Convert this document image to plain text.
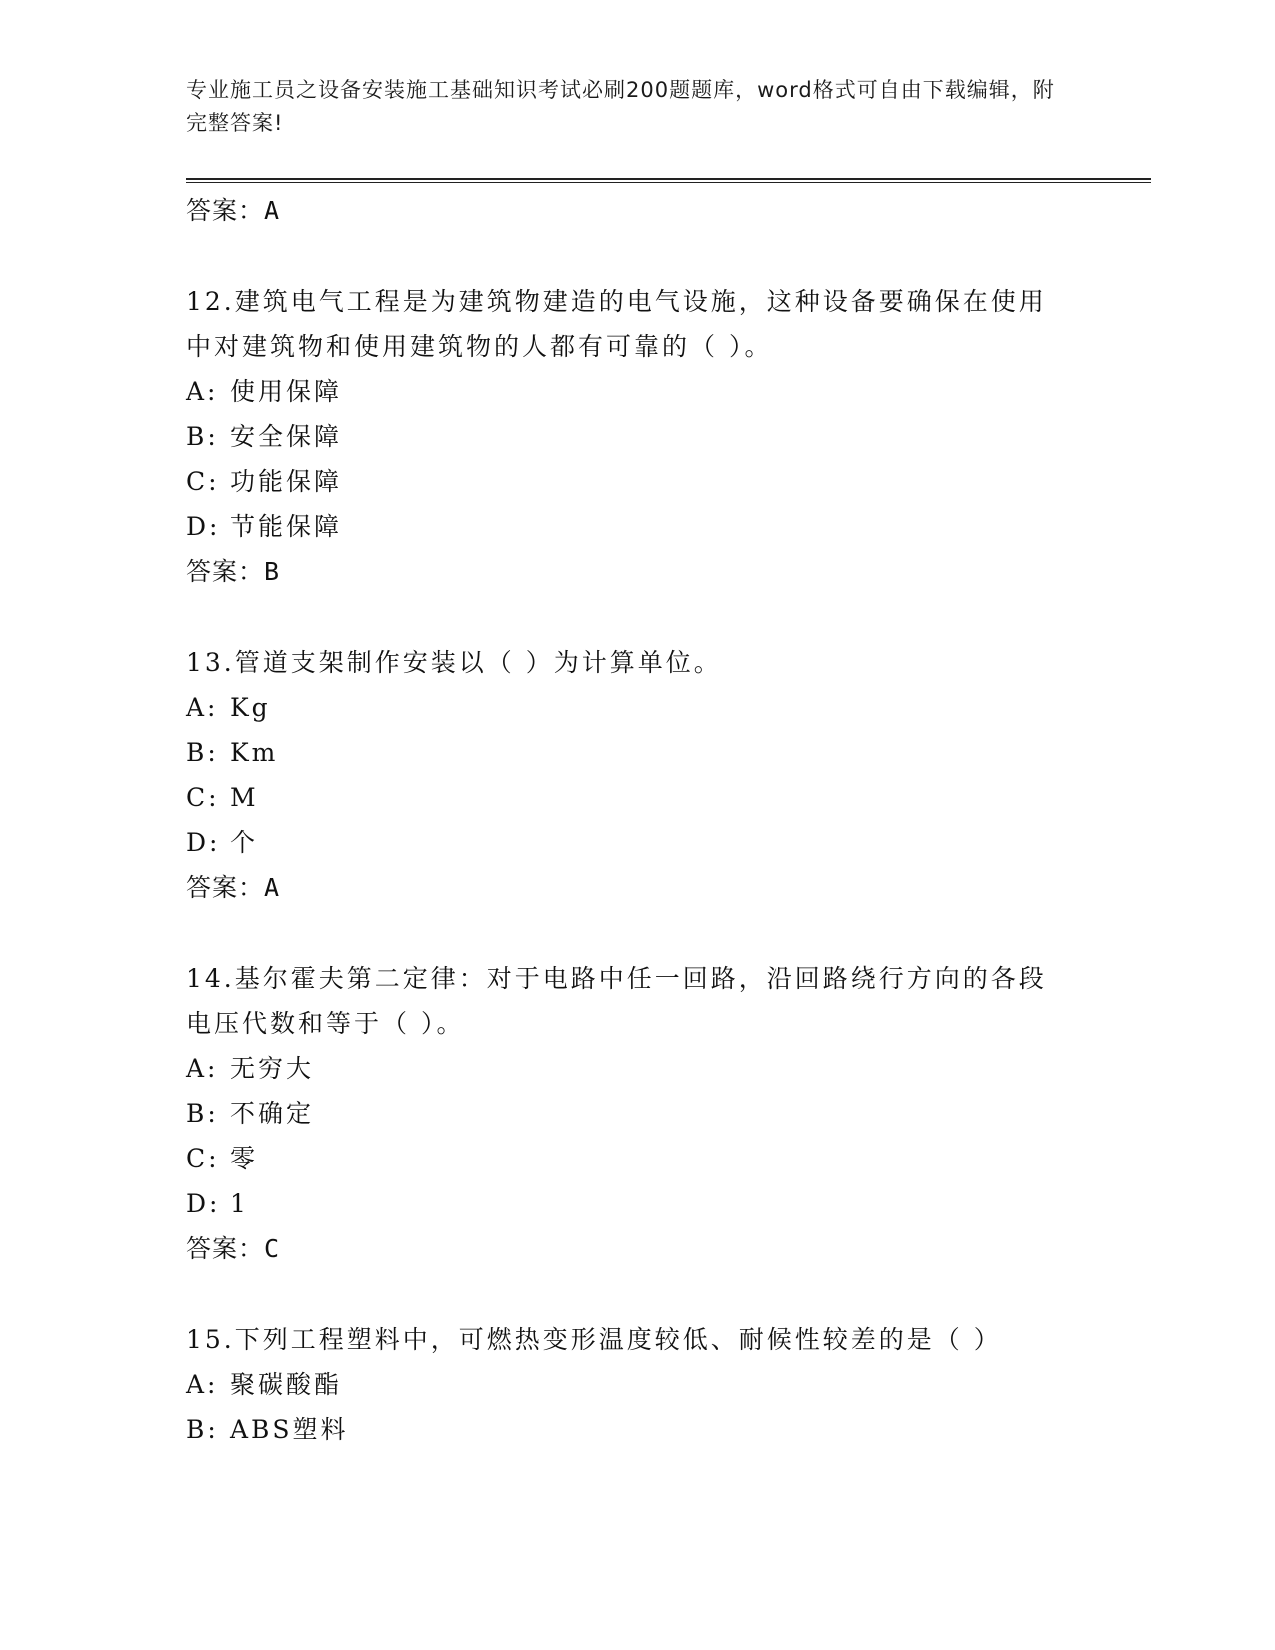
专业施工员之设备安装施工基础知识考试必刷200题题库，word格式可自由下载编辑，附完整答案!
答案：A
12.建筑电气工程是为建筑物建造的电气设施，这种设备要确保在使用中对建筑物和使用建筑物的人都有可靠的（ ）。
A: 使用保障
B: 安全保障
C: 功能保障
D: 节能保障
答案：B
13.管道支架制作安装以（ ）为计算单位。
A: Kg
B: Km
C: M
D: 个
答案：A
14.基尔霍夫第二定律：对于电路中任一回路，沿回路绕行方向的各段电压代数和等于（ ）。
A: 无穷大
B: 不确定
C: 零
D: 1
答案：C
15.下列工程塑料中，可燃热变形温度较低、耐候性较差的是（ ）
A: 聚碳酸酯
B: ABS塑料
